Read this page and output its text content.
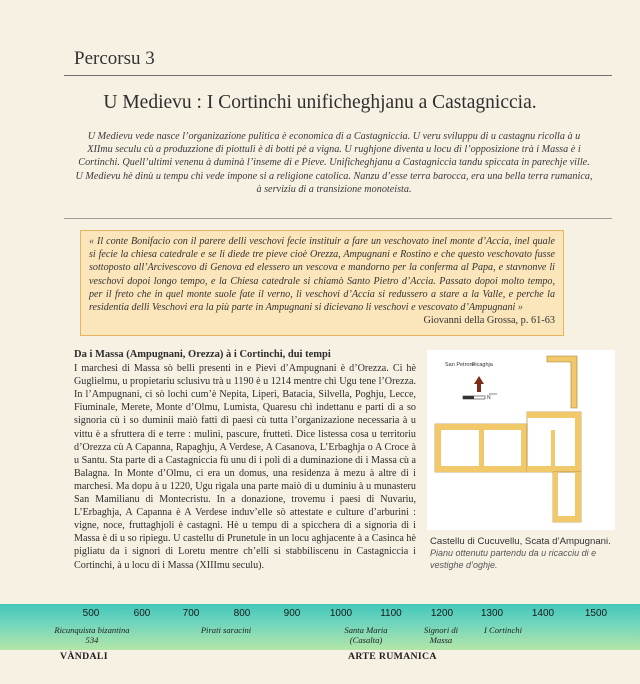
Percorsu 3
U Medievu : I Cortinchi unificheghjanu a Castagniccia.
U Medievu vede nasce l’organizazione pulitica è economica di a Castagniccia. U veru sviluppu di u castagnu ricolla à u XIImu seculu cù a produzzione di piottuli è di botti pè a vigna. U rughjone diventa u locu di l’opposizione trà i Massa è i Cortinchi. Quell’ultimi venenu à duminà l’inseme di e Pieve. Unificheghjanu a Castagniccia tandu spiccata in parechje ville. U Medievu hè dinù u tempu chì vede impone si a religione catolica. Nanzu d’esse terra barocca, era una bella terra rumanica, à serviziu di a transizione monoteista.
« Il conte Bonifacio con il parere delli veschovi fecie instituir a fare un veschovato inel monte d’Accia, inel quale si fecie la chiesa catedrale e se li diede tre pieve cioè Orezza, Ampugnani e Rostino e che questo veschovato fusse sottoposto all’Arcivescovo di Genova ed elessero un vescova e mandorno per la conferma al Papa, e stavnonve li veschovi dopoi longo tempo, e la Chiesa catedrale si chiamò Santo Pietro d’Accia. Passato dopoi molto tempo, per il freto che in quel monte suole fate il verno, li veschovi d’Accia si redussero a stare a la Valle, e perche la residentia delli Veschovi era la più parte in Ampugnani si dicievano li veschovi e vescovato d’Ampugnani »
Giovanni della Grossa, p. 61-63
Da i Massa (Ampugnani, Orezza) à i Cortinchi, dui tempi
I marchesi di Massa sò belli presenti in e Pievi d’Ampugnani è d’Orezza. Ci hè Guglielmu, u propietariu sclusivu trà u 1190 è u 1214 mentre chì Ugu tene l’Orezza. In l’Ampugnani, ci sò lochi cum’è Nepita, Liperi, Batacia, Silvella, Poghju, Lecce, Fiuminale, Merete, Monte d’Olmu, Lumista, Quaresu chì indettanu e parti di a so signoria cù i so duminii maiò fatti di paesi cù tutta l’organizazione necessaria à u vittu è a sfruttera di e terre : mulini, pascure, frutteti. Dice listessa cosa u territoriu d’Orezza cù A Capanna, Rapaghju, A Verdese, A Casanova, L’Erbaghja o A Croce à u Santu. Sta parte di a Castagniccia fù unu di i poli di a duminazione di i Massa cù a Balagna. In Monte d’Olmu, ci era un domus, una residenza à mezu à altre di i marchesi. Ma dopu à u 1220, Ugu rigala una parte maiò di u duminiu à u munasteru San Mamilianu di Montecristu. In a donazione, trovemu i paesi di Nuvariu, L’Erbaghja, A Capanna è A Verdese induv’elle sò attestate e culture d’arburini : vigne, noce, fruttaghjoli è castagni. Hè u tempu di a spicchera di a signoria di i Massa è di u so ripiegu. U castellu di Prunetule in un locu aghjacente à a Casinca hè pigliatu da i signori di Loretu mentre ch’elli si stabbiliscenu in Castagniccia i Cortinchi, à u locu di i Massa (XIIImu seculu).
San Petrone
Ficaghja
N
Castellu di Cucuvellu, Scata d’Ampugnani.
Pianu ottenutu partendu da u ricacciu di e vestighe d’oghje.
500	600	700	800	900	1000	1100	1200	1300	1400	1500
Ricunquista bizantina 534
Pirati saracini	Santa Maria (Casalta)
Signori di Massa
I Cortinchi
VÀNDALI	ARTE RUMANICA
